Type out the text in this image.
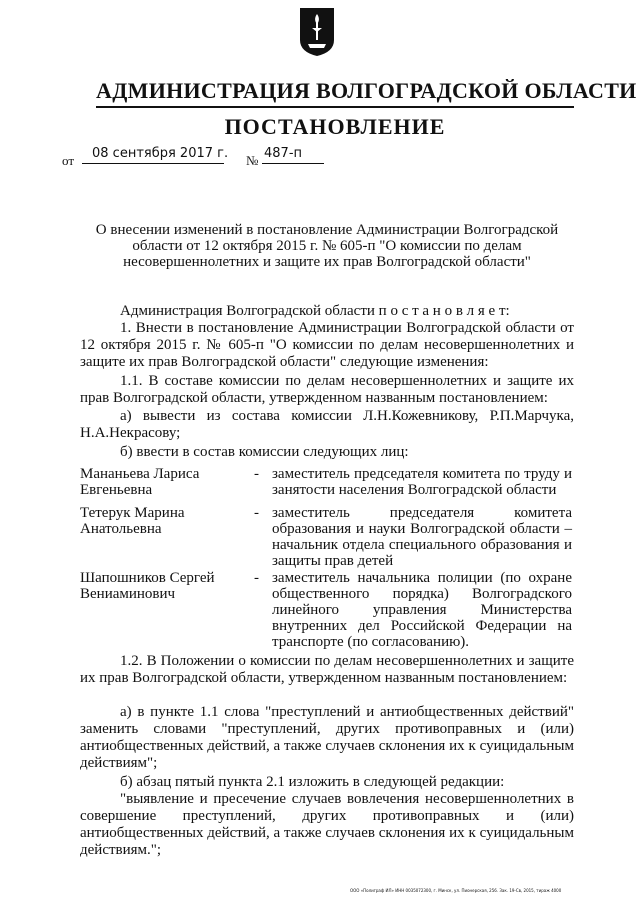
АДМИНИСТРАЦИЯ ВОЛГОГРАДСКОЙ ОБЛАСТИ
ПОСТАНОВЛЕНИЕ
от 08 сентября 2017 г. № 487-п
О внесении изменений в постановление Администрации Волгоградской области от 12 октября 2015 г. № 605-п "О комиссии по делам несовершеннолетних и защите их прав Волгоградской области"
Администрация Волгоградской области п о с т а н о в л я е т:
1. Внести в постановление Администрации Волгоградской области от 12 октября 2015 г. № 605-п "О комиссии по делам несовершеннолетних и защите их прав Волгоградской области" следующие изменения:
1.1. В составе комиссии по делам несовершеннолетних и защите их прав Волгоградской области, утвержденном названным постановлением:
а) вывести из состава комиссии Л.Н.Кожевникову, Р.П.Марчука, Н.А.Некрасову;
б) ввести в состав комиссии следующих лиц:
Мананьева Лариса Евгеньевна
- заместитель председателя комитета по труду и занятости населения Волгоградской области
Тетерук Марина Анатольевна
- заместитель председателя комитета образования и науки Волгоградской области – начальник отдела специального образования и защиты прав детей
Шапошников Сергей Вениаминович
- заместитель начальника полиции (по охране общественного порядка) Волгоградского линейного управления Министерства внутренних дел Российской Федерации на транспорте (по согласованию).
1.2. В Положении о комиссии по делам несовершеннолетних и защите их прав Волгоградской области, утвержденном названным постановлением:
а) в пункте 1.1 слова "преступлений и антиобщественных действий" заменить словами "преступлений, других противоправных и (или) антиобщественных действий, а также случаев склонения их к суицидальным действиям";
б) абзац пятый пункта 2.1 изложить в следующей редакции:
"выявление и пресечение случаев вовлечения несовершеннолетних в совершение преступлений, других противоправных и (или) антиобщественных действий, а также случаев склонения их к суицидальным действиям.";
ООО «Полиграф ИЛ» ИНН 0035072300, г. Минск, ул. Пионерская, 256. Зак. 19-Св, 2015, тираж 4000
